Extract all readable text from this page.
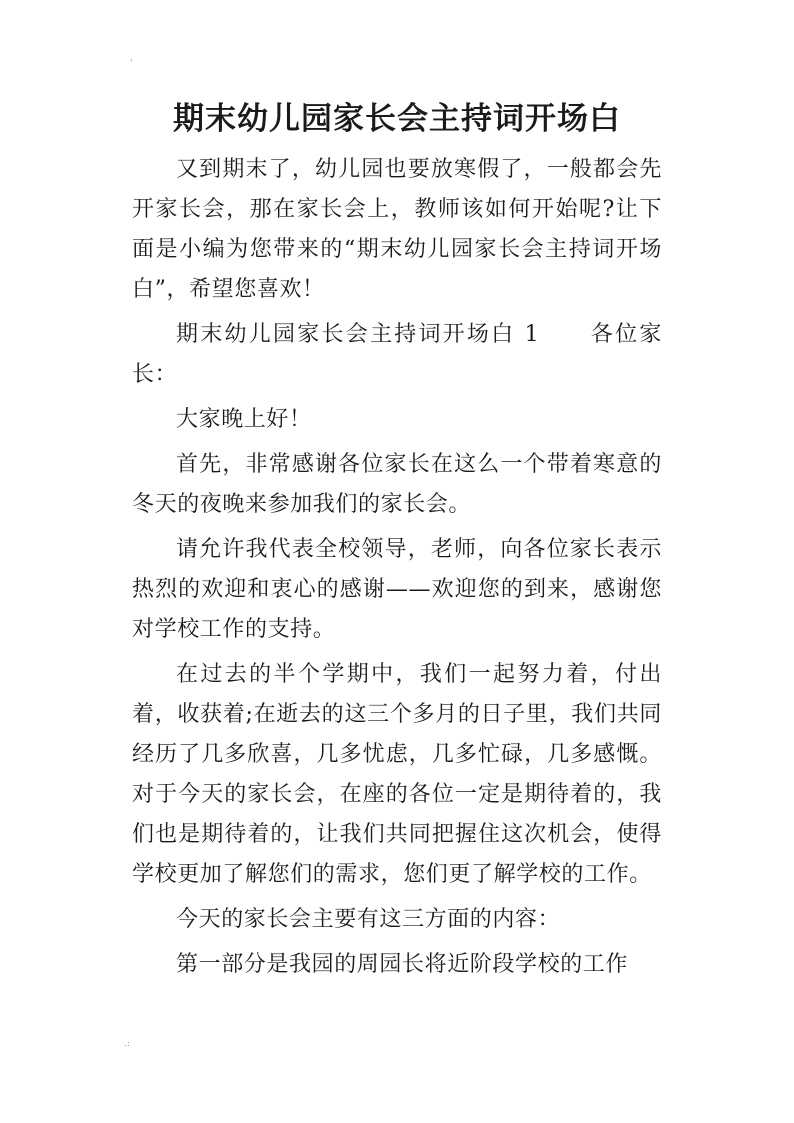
'
期末幼儿园家长会主持词开场白

又到期末了，幼儿园也要放寒假了，一般都会先开家长会，那在家长会上，教师该如何开始呢?让下面是小编为您带来的“期末幼儿园家长会主持词开场白”，希望您喜欢！

期末幼儿园家长会主持词开场白 1 各位家长：

大家晚上好！

首先，非常感谢各位家长在这么一个带着寒意的冬天的夜晚来参加我们的家长会。

请允许我代表全校领导，老师，向各位家长表示热烈的欢迎和衷心的感谢——欢迎您的到来，感谢您对学校工作的支持。

在过去的半个学期中，我们一起努力着，付出着，收获着;在逝去的这三个多月的日子里，我们共同经历了几多欣喜，几多忧虑，几多忙碌，几多感慨。对于今天的家长会，在座的各位一定是期待着的，我们也是期待着的，让我们共同把握住这次机会，使得学校更加了解您们的需求，您们更了解学校的工作。

今天的家长会主要有这三方面的内容：

第一部分是我园的周园长将近阶段学校的工作

.:
